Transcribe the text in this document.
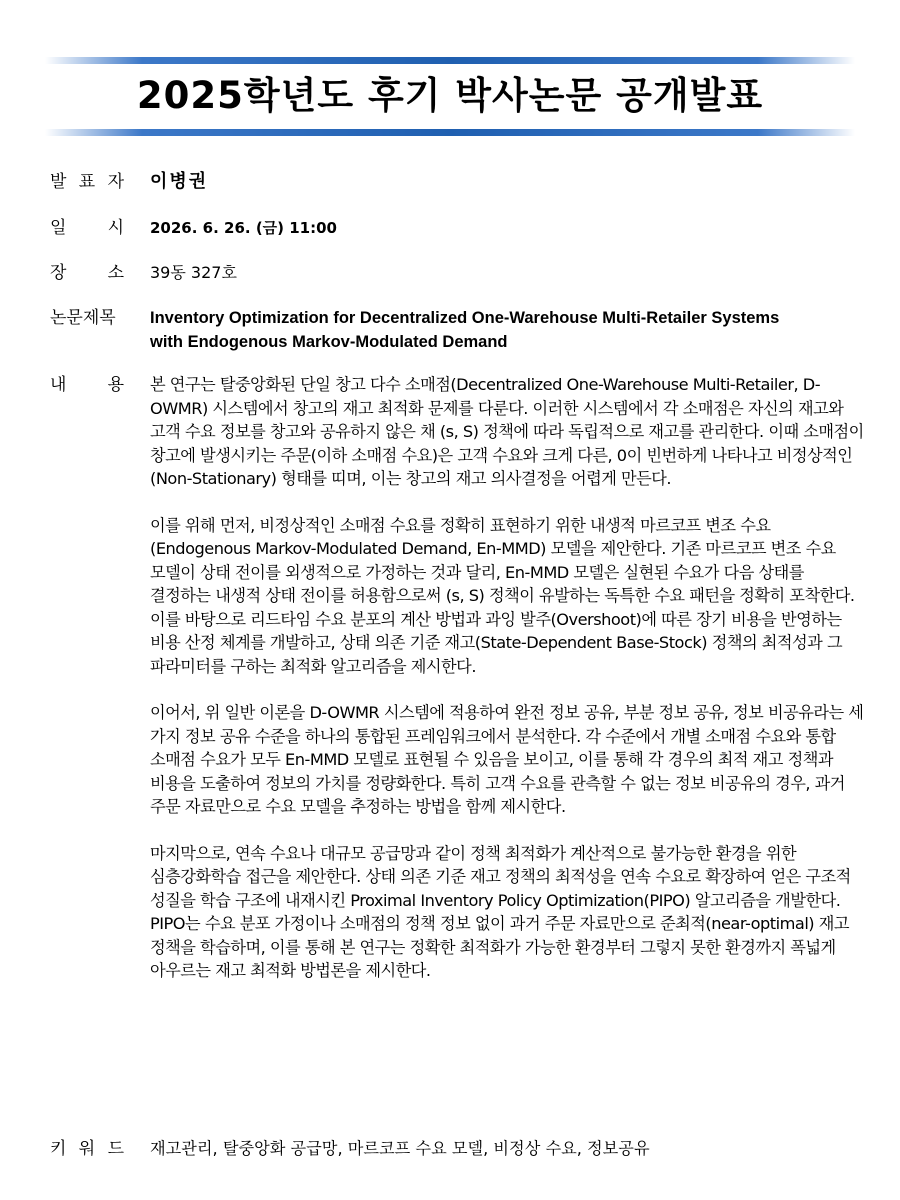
2025학년도 후기 박사논문 공개발표
발 표 자 이병권
일 시 2026. 6. 26. (금) 11:00
장 소 39동 327호
논문제목 Inventory Optimization for Decentralized One-Warehouse Multi-Retailer Systems
with Endogenous Markov-Modulated Demand
내 용 본 연구는 탈중앙화된 단일 창고 다수 소매점(Decentralized One-Warehouse Multi-Retailer, D-OWMR) 시스템에서 창고의 재고 최적화 문제를 다룬다. 이러한 시스템에서 각 소매점은 자신의 재고와 고객 수요 정보를 창고와 공유하지 않은 채 (s, S) 정책에 따라 독립적으로 재고를 관리한다. 이때 소매점이 창고에 발생시키는 주문(이하 소매점 수요)은 고객 수요와 크게 다른, 0이 빈번하게 나타나고 비정상적인 (Non-Stationary) 형태를 띠며, 이는 창고의 재고 의사결정을 어렵게 만든다.

이를 위해 먼저, 비정상적인 소매점 수요를 정확히 표현하기 위한 내생적 마르코프 변조 수요(Endogenous Markov-Modulated Demand, En-MMD) 모델을 제안한다. 기존 마르코프 변조 수요 모델이 상태 전이를 외생적으로 가정하는 것과 달리, En-MMD 모델은 실현된 수요가 다음 상태를 결정하는 내생적 상태 전이를 허용함으로써 (s, S) 정책이 유발하는 독특한 수요 패턴을 정확히 포착한다. 이를 바탕으로 리드타임 수요 분포의 계산 방법과 과잉 발주(Overshoot)에 따른 장기 비용을 반영하는 비용 산정 체계를 개발하고, 상태 의존 기준 재고(State-Dependent Base-Stock) 정책의 최적성과 그 파라미터를 구하는 최적화 알고리즘을 제시한다.

이어서, 위 일반 이론을 D-OWMR 시스템에 적용하여 완전 정보 공유, 부분 정보 공유, 정보 비공유라는 세 가지 정보 공유 수준을 하나의 통합된 프레임워크에서 분석한다. 각 수준에서 개별 소매점 수요와 통합 소매점 수요가 모두 En-MMD 모델로 표현될 수 있음을 보이고, 이를 통해 각 경우의 최적 재고 정책과 비용을 도출하여 정보의 가치를 정량화한다. 특히 고객 수요를 관측할 수 없는 정보 비공유의 경우, 과거 주문 자료만으로 수요 모델을 추정하는 방법을 함께 제시한다.

마지막으로, 연속 수요나 대규모 공급망과 같이 정책 최적화가 계산적으로 불가능한 환경을 위한 심층강화학습 접근을 제안한다. 상태 의존 기준 재고 정책의 최적성을 연속 수요로 확장하여 얻은 구조적 성질을 학습 구조에 내재시킨 Proximal Inventory Policy Optimization(PIPO) 알고리즘을 개발한다. PIPO는 수요 분포 가정이나 소매점의 정책 정보 없이 과거 주문 자료만으로 준최적(near-optimal) 재고 정책을 학습하며, 이를 통해 본 연구는 정확한 최적화가 가능한 환경부터 그렇지 못한 환경까지 폭넓게 아우르는 재고 최적화 방법론을 제시한다.

키 워 드 재고관리, 탈중앙화 공급망, 마르코프 수요 모델, 비정상 수요, 정보공유
